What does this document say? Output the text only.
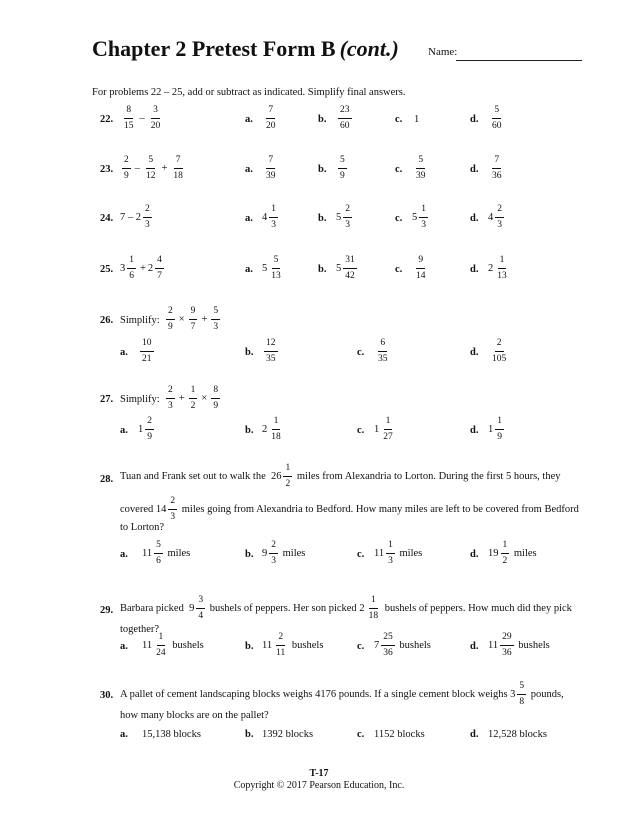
Chapter 2 Pretest Form B (cont.)	Name:
For problems 22 – 25, add or subtract as indicated. Simplify final answers.
22. $\frac{8}{15} - \frac{3}{20}$	a. $\frac{7}{20}$	b. $\frac{23}{60}$	c. 1	d. $\frac{5}{60}$
23. $\frac{2}{9} - \frac{5}{12} + \frac{7}{18}$	a. $\frac{7}{39}$	b. $\frac{5}{9}$	c. $\frac{5}{39}$	d. $\frac{7}{36}$
24. $7 - 2 \frac{2}{3}$	a. $4 \frac{1}{3}$	b. $5 \frac{2}{3}$	c. $5 \frac{1}{3}$	d. $4 \frac{2}{3}$
25. $3 \frac{1}{6} + 2 \frac{4}{7}$	a. $5 \frac{5}{13}$	b. $5 \frac{31}{42}$	c. $\frac{9}{14}$	d. $2 \frac{1}{13}$
26. Simplify: $\frac{2}{9} \times \frac{9}{7} + \frac{5}{3}$
a. $\frac{10}{21}$	b. $\frac{12}{35}$	c. $\frac{6}{35}$	d. $\frac{2}{105}$
27. Simplify: $\frac{2}{3} + \frac{1}{2} \times \frac{8}{9}$
a. $1 \frac{2}{9}$	b. $2 \frac{1}{18}$	c. $1 \frac{1}{27}$	d. $1 \frac{1}{9}$
28. Tuan and Frank set out to walk the
$26 \frac{1}{2}$
miles from Alexandria to Lorton. During the first 5 hours, they
covered
$14 \frac{2}{3}$
miles going from Alexandria to Bedford. How many miles are left to be covered from Bedford
to Lorton?
a. $11 \frac{5}{6}$
miles	b. $9 \frac{2}{3}$
miles	c. $11 \frac{1}{3}$
miles	d. $19 \frac{1}{2}$
miles
29. Barbara picked
$9 \frac{3}{4}$
bushels of peppers. Her son picked
$2 \frac{1}{18}$
bushels of peppers. How much did they pick
together?
a. $11 \frac{1}{24}$
bushels	b. $11 \frac{2}{11}$
bushels	c. $7 \frac{25}{36}$
bushels	d. $11 \frac{29}{36}$
bushels
30. A pallet of cement landscaping blocks weighs 4176 pounds. If a single cement block weighs
$3 \frac{5}{8}$
pounds,
how many blocks are on the pallet?
a. 15,138 blocks	b. 1392 blocks	c. 1152 blocks	d. 12,528 blocks
T-17
Copyright © 2017 Pearson Education, Inc.
